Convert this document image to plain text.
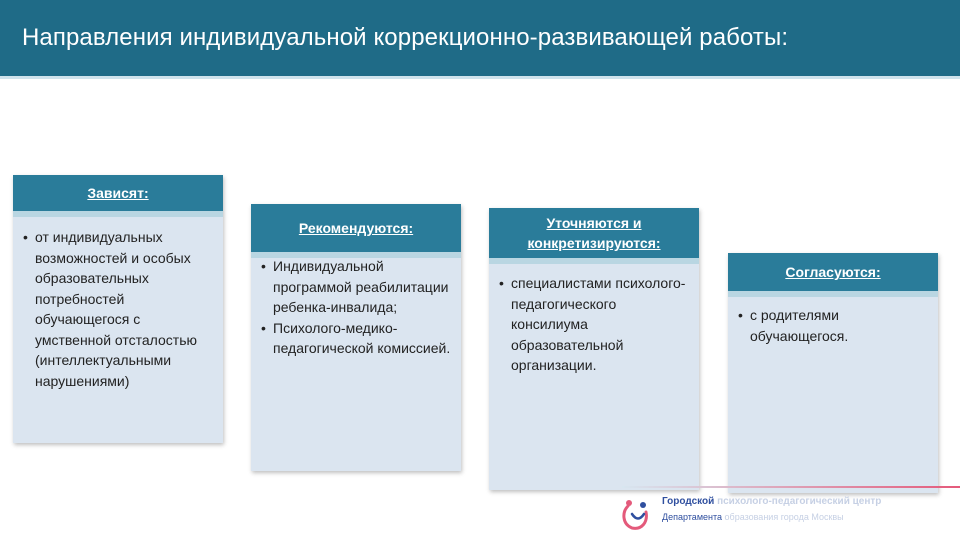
Направления индивидуальной коррекционно-развивающей работы:
Зависят:
• от индивидуальных возможностей и особых образовательных потребностей обучающегося с умственной отсталостью (интеллектуальными нарушениями)
Рекомендуются:
• Индивидуальной программой реабилитации ребенка-инвалида;
• Психолого-медико-педагогической комиссией.
Уточняются и конкретизируются:
• специалистами психолого-педагогического консилиума образовательной организации.
Согласуются:
• с родителями обучающегося.
Городской психолого-педагогический центр
Департамента образования города Москвы
